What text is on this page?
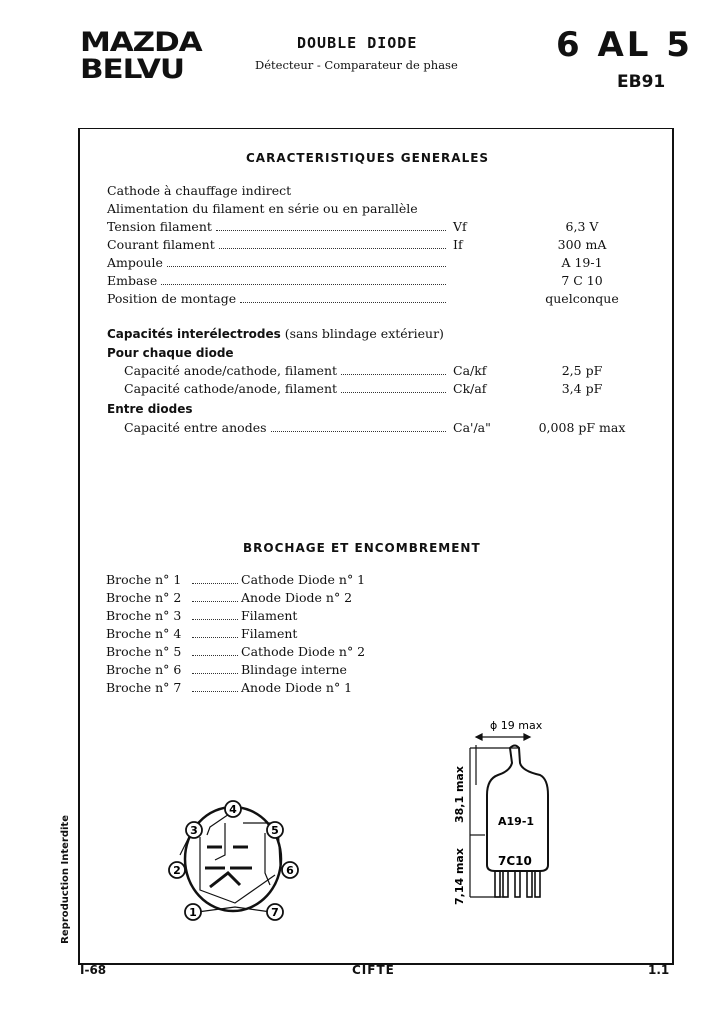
MAZDA
BELVU
DOUBLE DIODE
Détecteur - Comparateur de phase	6 AL 5
EB91
CARACTERISTIQUES GENERALES
Cathode à chauffage indirect
Alimentation du filament en série ou en parallèle
Capacités interélectrodes (sans blindage extérieur)
Pour chaque diode
Entre diodes
BROCHAGE ET ENCOMBREMENT
1
2
3
4
5
6
7
ϕ 19 max
A19-1
7C10
38,1 max
7,14 max
Reproduction Interdite
I-68	CIFTE	1.1
Tension filament	Vf	6,3 V
Courant filament	If	300 mA
Ampoule	A 19-1
Embase	7 C 10
Position de montage	quelconque
Capacité anode/cathode, filament	Ca/kf	2,5 pF
Capacité cathode/anode, filament	Ck/af	3,4 pF
Capacité entre anodes	Ca'/a"	0,008 pF max
Broche n° 1	Cathode Diode n° 1
Broche n° 2	Anode Diode n° 2
Broche n° 3	Filament
Broche n° 4	Filament
Broche n° 5	Cathode Diode n° 2
Broche n° 6	Blindage interne
Broche n° 7	Anode Diode n° 1
